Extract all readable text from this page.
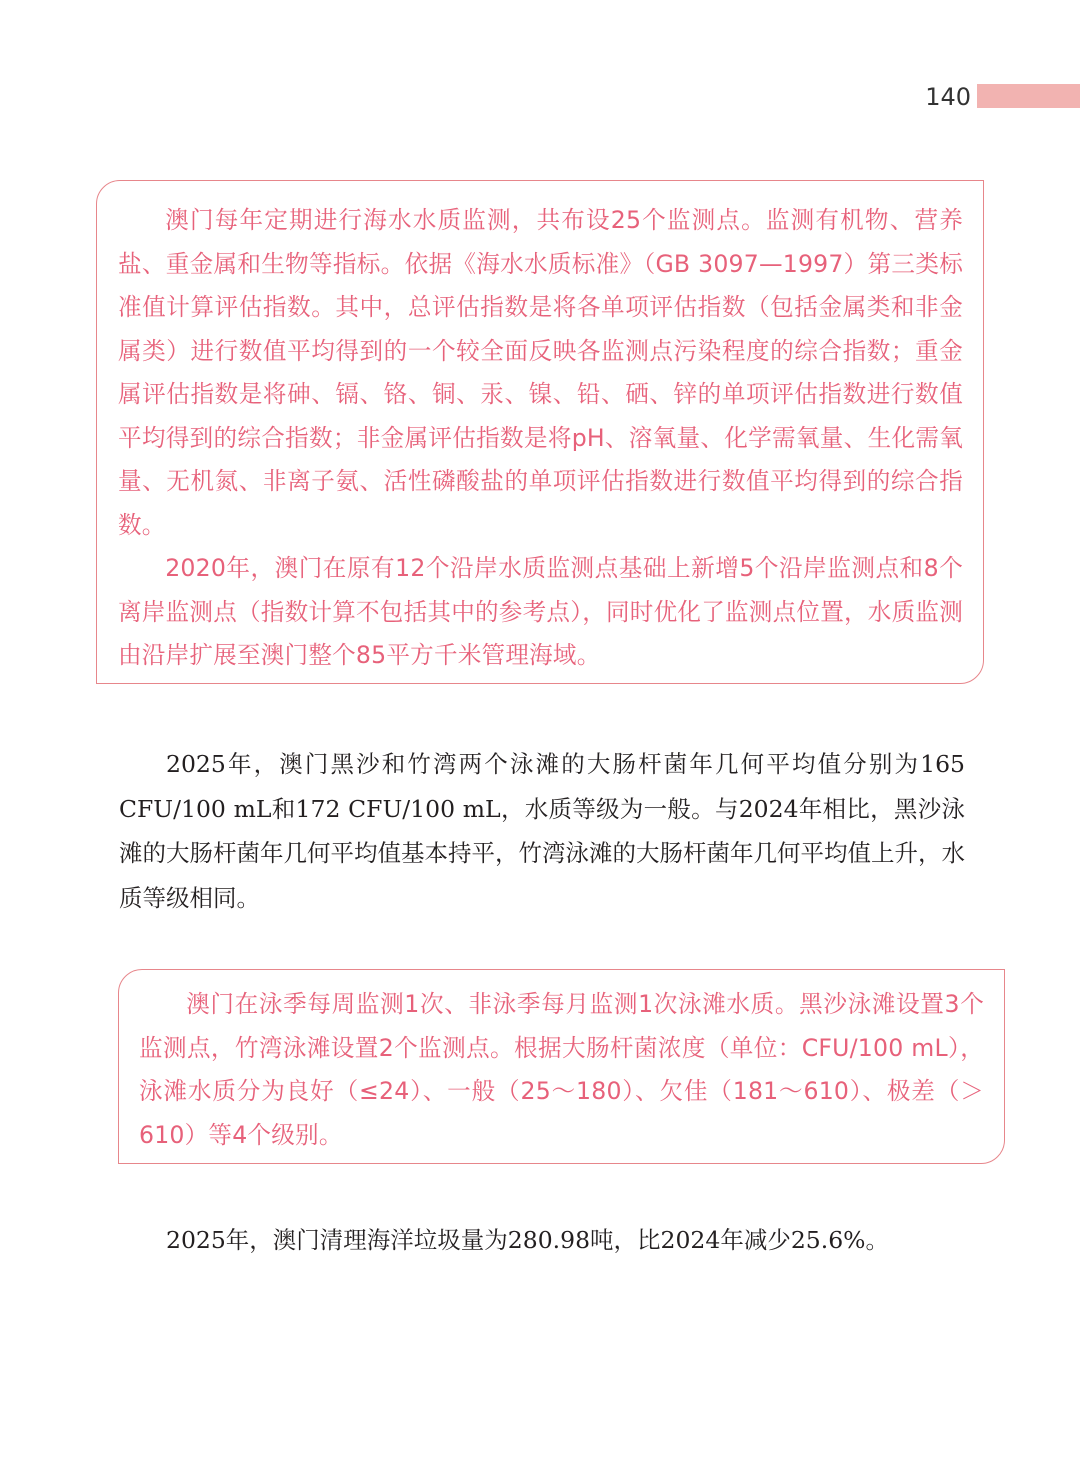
140

澳门每年定期进行海水水质监测，共布设25个监测点。监测有机物、营养盐、重金属和生物等指标。依据《海水水质标准》（GB 3097—1997）第三类标准值计算评估指数。其中，总评估指数是将各单项评估指数（包括金属类和非金属类）进行数值平均得到的一个较全面反映各监测点污染程度的综合指数；重金属评估指数是将砷、镉、铬、铜、汞、镍、铅、硒、锌的单项评估指数进行数值平均得到的综合指数；非金属评估指数是将pH、溶氧量、化学需氧量、生化需氧量、无机氮、非离子氨、活性磷酸盐的单项评估指数进行数值平均得到的综合指数。

2020年，澳门在原有12个沿岸水质监测点基础上新增5个沿岸监测点和8个离岸监测点（指数计算不包括其中的参考点），同时优化了监测点位置，水质监测由沿岸扩展至澳门整个85平方千米管理海域。

2025年，澳门黑沙和竹湾两个泳滩的大肠杆菌年几何平均值分别为165 CFU/100 mL和172 CFU/100 mL，水质等级为一般。与2024年相比，黑沙泳滩的大肠杆菌年几何平均值基本持平，竹湾泳滩的大肠杆菌年几何平均值上升，水质等级相同。

澳门在泳季每周监测1次、非泳季每月监测1次泳滩水质。黑沙泳滩设置3个监测点，竹湾泳滩设置2个监测点。根据大肠杆菌浓度（单位：CFU/100 mL），泳滩水质分为良好（≤24）、一般（25～180）、欠佳（181～610）、极差（＞610）等4个级别。

2025年，澳门清理海洋垃圾量为280.98吨，比2024年减少25.6%。
